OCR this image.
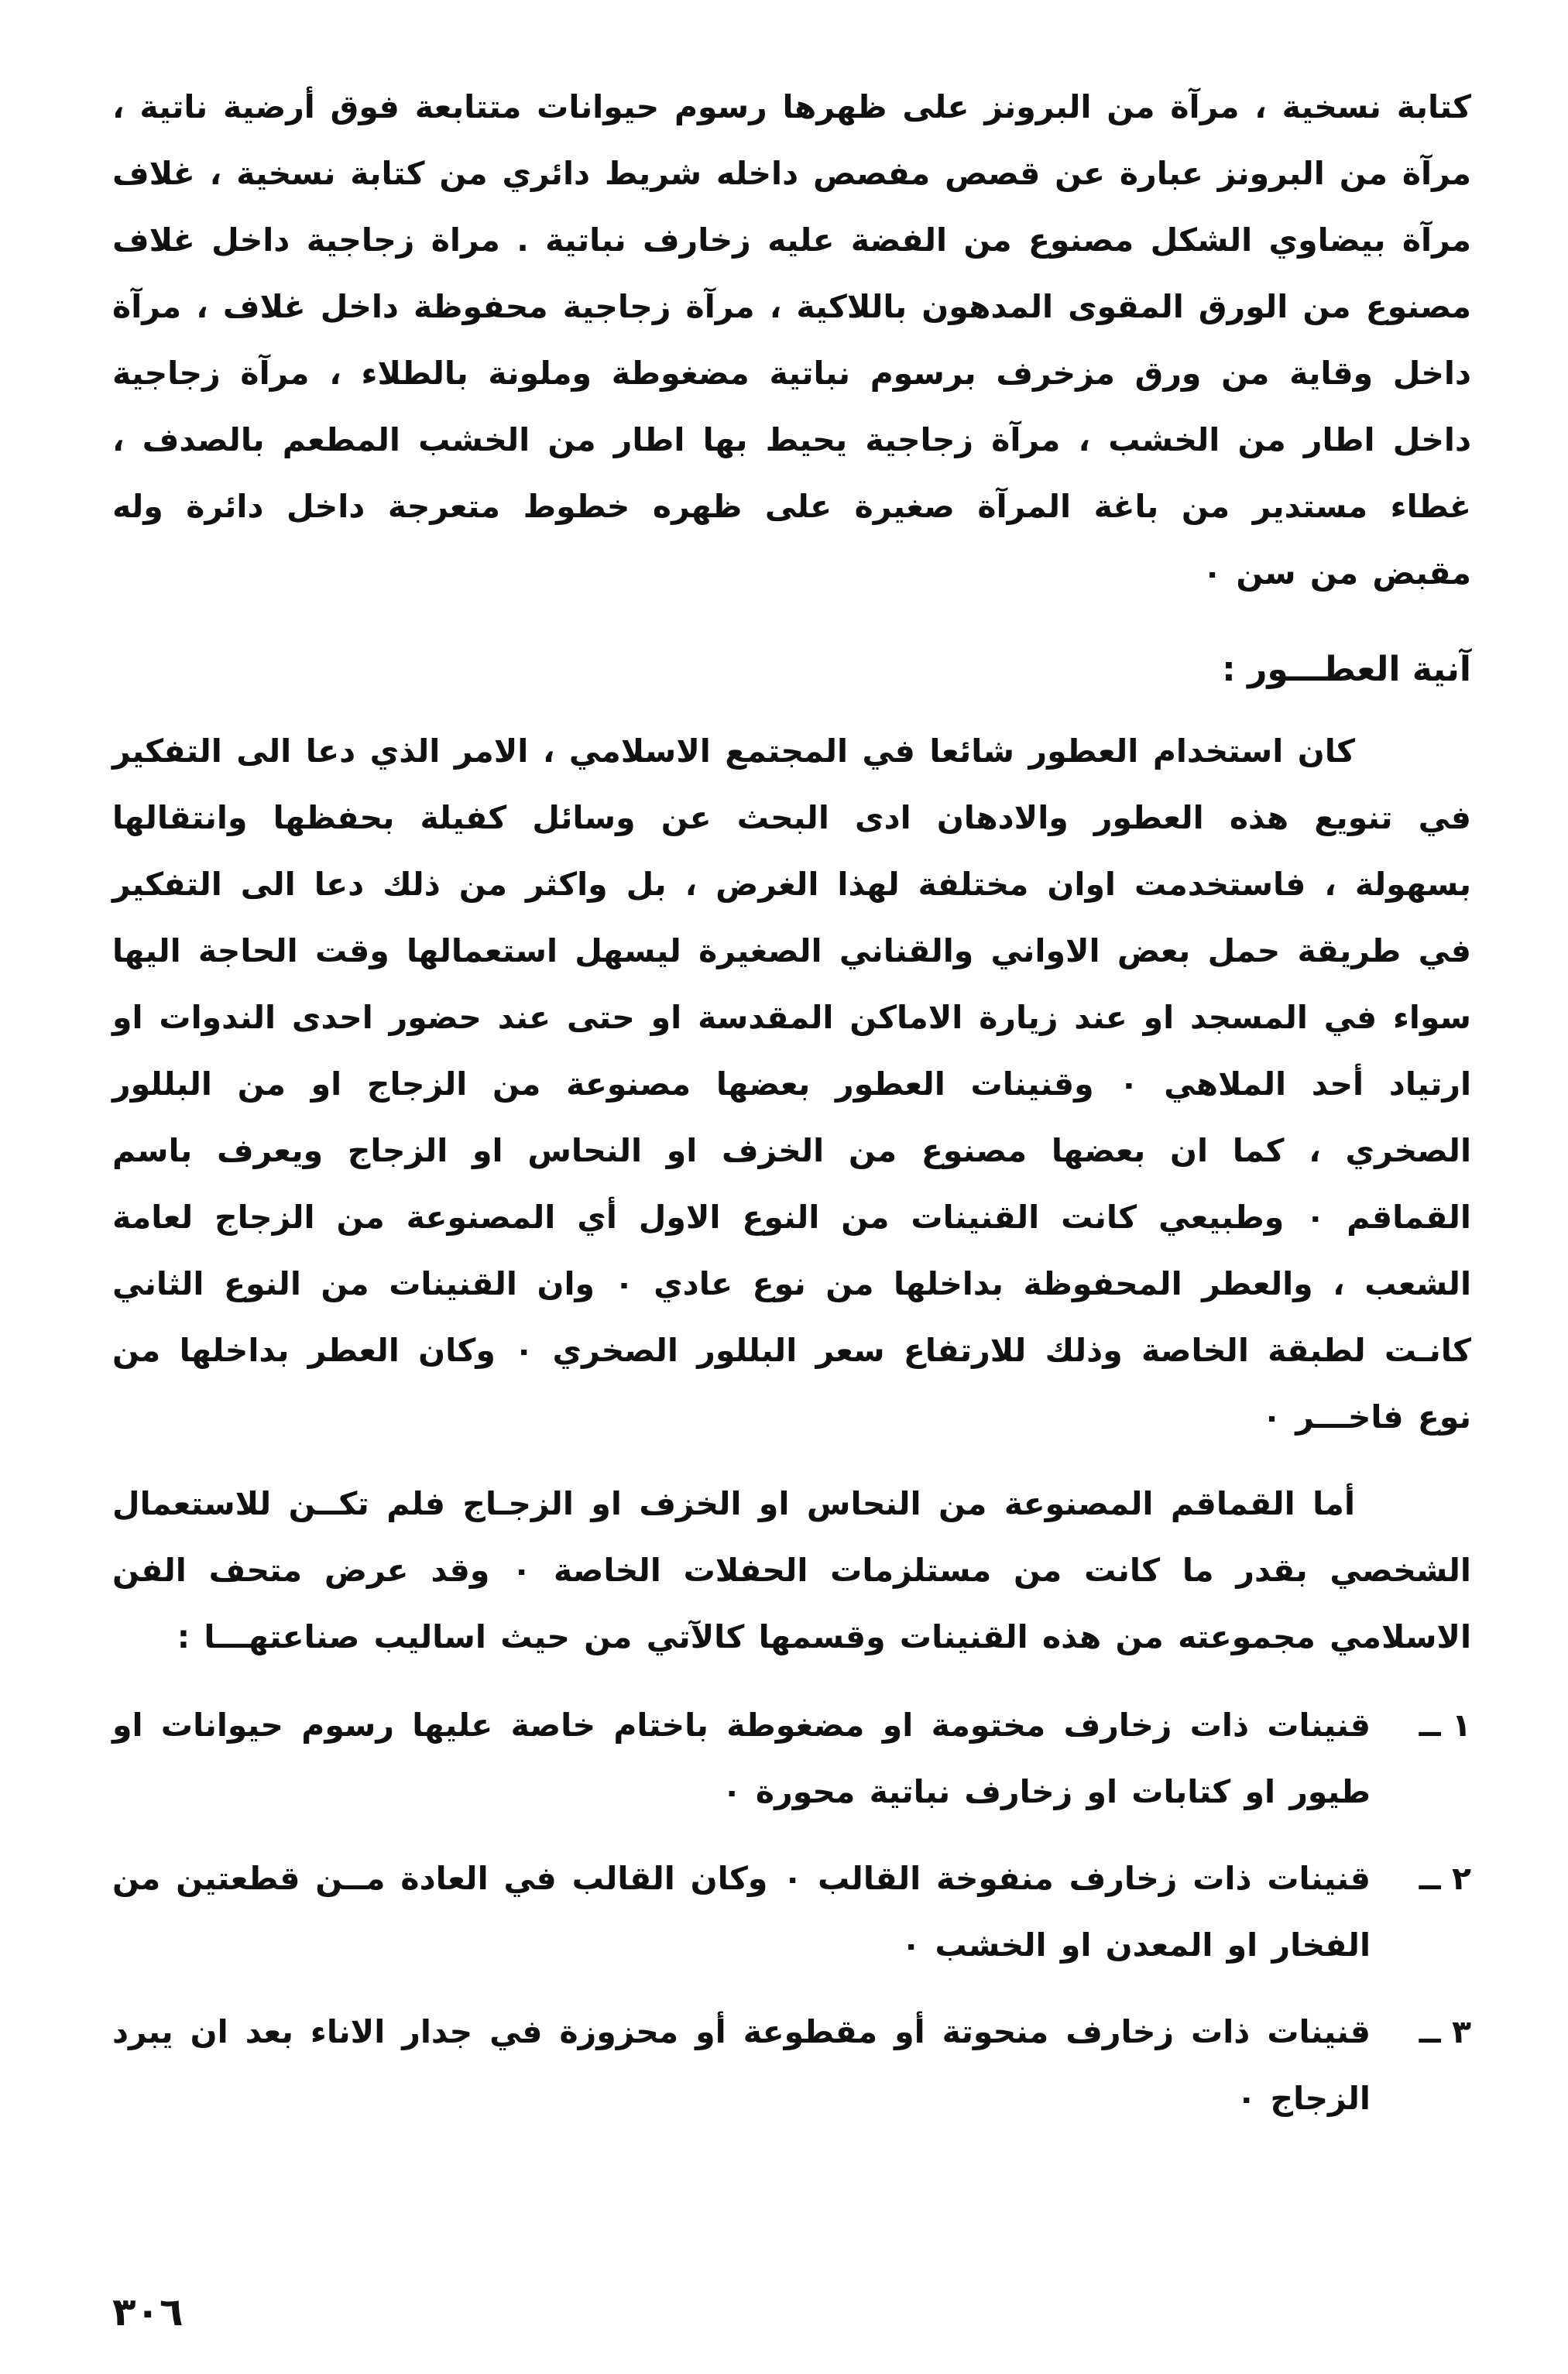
كتابة نسخية ، مرآة من البرونز على ظهرها رسوم حيوانات متتابعة فوق أرضية ناتية ، مرآة من البرونز عبارة عن قصص مفصص داخله شريط دائري من كتابة نسخية ، غلاف مرآة بيضاوي الشكل مصنوع من الفضة عليه زخارف نباتية . مراة زجاجية داخل غلاف مصنوع من الورق المقوى المدهون باللاكية ، مرآة زجاجية محفوظة داخل غلاف ، مرآة داخل وقاية من ورق مزخرف برسوم نباتية مضغوطة وملونة بالطلاء ، مرآة زجاجية داخل اطار من الخشب ، مرآة زجاجية يحيط بها اطار من الخشب المطعم بالصدف ، غطاء مستدير من باغة المرآة صغيرة على ظهره خطوط متعرجة داخل دائرة وله مقبض من سن ٠

آنية العطـــور :

كان استخدام العطور شائعا في المجتمع الاسلامي ، الامر الذي دعا الى التفكير في تنويع هذه العطور والادهان ادى البحث عن وسائل كفيلة بحفظها وانتقالها بسهولة ، فاستخدمت اوان مختلفة لهذا الغرض ، بل واكثر من ذلك دعا الى التفكير في طريقة حمل بعض الاواني والقناني الصغيرة ليسهل استعمالها وقت الحاجة اليها سواء في المسجد او عند زيارة الاماكن المقدسة او حتى عند حضور احدى الندوات او ارتياد أحد الملاهي ٠ وقنينات العطور بعضها مصنوعة من الزجاج او من البللور الصخري ، كما ان بعضها مصنوع من الخزف او النحاس او الزجاج ويعرف باسم القماقم ٠ وطبيعي كانت القنينات من النوع الاول أي المصنوعة من الزجاج لعامة الشعب ، والعطر المحفوظة بداخلها من نوع عادي ٠ وان القنينات من النوع الثاني كانـت لطبقة الخاصة وذلك للارتفاع سعر البللور الصخري ٠ وكان العطر بداخلها من نوع فاخـــر ٠

أما القماقم المصنوعة من النحاس او الخزف او الزجـاج فلم تكــن للاستعمال الشخصي بقدر ما كانت من مستلزمات الحفلات الخاصة ٠ وقد عرض متحف الفن الاسلامي مجموعته من هذه القنينات وقسمها كالآتي من حيث اساليب صناعتهـــا :

١ ــ
قنينات ذات زخارف مختومة او مضغوطة باختام خاصة عليها رسوم حيوانات او طيور او كتابات او زخارف نباتية محورة ٠
٢ ــ
قنينات ذات زخارف منفوخة القالب ٠ وكان القالب في العادة مــن قطعتين من الفخار او المعدن او الخشب ٠
٣ ــ
قنينات ذات زخارف منحوتة أو مقطوعة أو محزوزة في جدار الاناء بعد ان يبرد الزجاج ٠
٣٠٦
